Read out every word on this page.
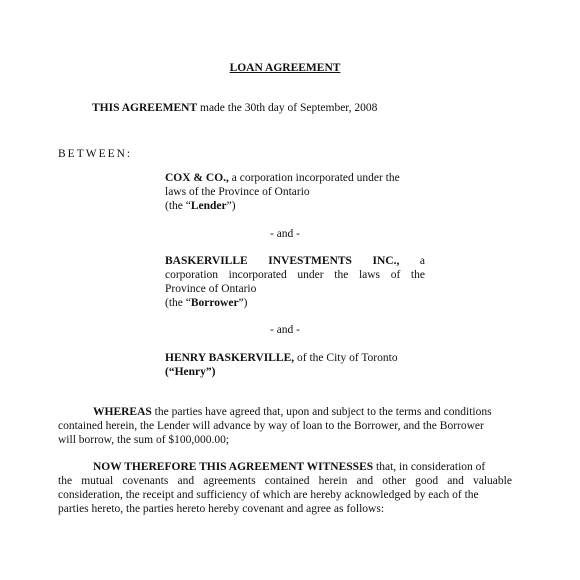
LOAN AGREEMENT
THIS AGREEMENT made the 30th day of September, 2008
BETWEEN:
COX & CO., a corporation incorporated under the
laws of the Province of Ontario
(the “Lender”)
- and -
BASKERVILLE INVESTMENTS INC., a
corporation incorporated under the laws of the
Province of Ontario
(the “Borrower”)
- and -
HENRY BASKERVILLE, of the City of Toronto
(“Henry”)
WHEREAS the parties have agreed that, upon and subject to the terms and conditions
contained herein, the Lender will advance by way of loan to the Borrower, and the Borrower
will borrow, the sum of $100,000.00;
NOW THEREFORE THIS AGREEMENT WITNESSES that, in consideration of
the mutual covenants and agreements contained herein and other good and valuable
consideration, the receipt and sufficiency of which are hereby acknowledged by each of the
parties hereto, the parties hereto hereby covenant and agree as follows:
